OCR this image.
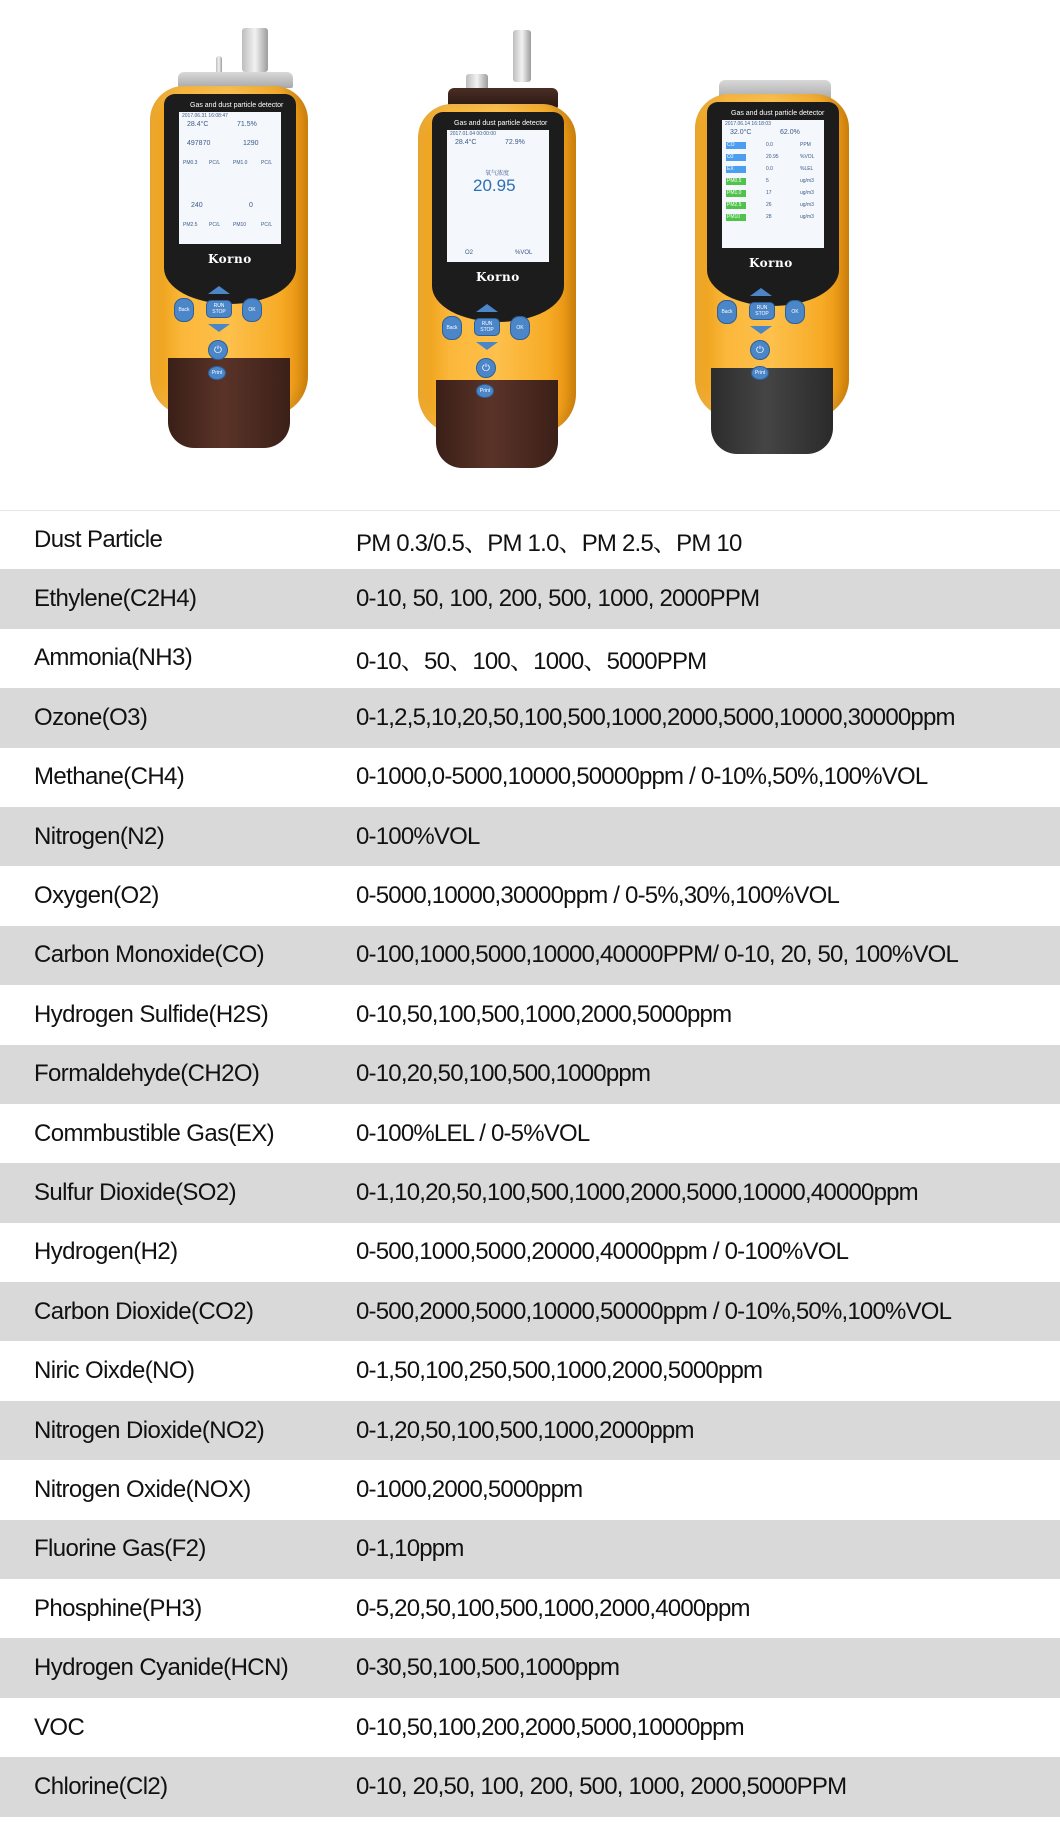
Gas and dust particle detector
2017.06.31 16:08:47
28.4°C	71.5%
497870	1290
PM0.3 PC/L	PM1.0	PC/L
240	0
PM2.5 PC/L	PM10	PC/L
Korno
Back
RUN STOP	OK
⏻
Print
Gas and dust particle detector
2017.01.04 00:00:00
28.4°C	72.9%
氧气浓度
20.95
O2	%VOL
Korno
Back
RUN STOP	OK
⏻
Print
Gas and dust particle detector
2017.06.14 16:18:03
32.0°C	62.0%
CO	0.0	PPM
O2	20.95	%VOL
EX	0.0	%LEL
PM0.5	5	ug/m3
PM1.0	17	ug/m3
PM2.5	26	ug/m3
PM10	28	ug/m3
Korno
Back
RUN STOP	OK
⏻
Print
Dust Particle	PM 0.3/0.5、PM 1.0、PM 2.5、PM 10
Ethylene(C2H4)	0-10, 50, 100, 200, 500, 1000, 2000PPM
Ammonia(NH3)	0-10、50、100、1000、5000PPM
Ozone(O3)	0-1,2,5,10,20,50,100,500,1000,2000,5000,10000,30000ppm
Methane(CH4)	0-1000,0-5000,10000,50000ppm / 0-10%,50%,100%VOL
Nitrogen(N2)	0-100%VOL
Oxygen(O2)	0-5000,10000,30000ppm / 0-5%,30%,100%VOL
Carbon Monoxide(CO)	0-100,1000,5000,10000,40000PPM/ 0-10, 20, 50, 100%VOL
Hydrogen Sulfide(H2S)	0-10,50,100,500,1000,2000,5000ppm
Formaldehyde(CH2O)	0-10,20,50,100,500,1000ppm
Commbustible Gas(EX)	0-100%LEL / 0-5%VOL
Sulfur Dioxide(SO2)	0-1,10,20,50,100,500,1000,2000,5000,10000,40000ppm
Hydrogen(H2)	0-500,1000,5000,20000,40000ppm / 0-100%VOL
Carbon Dioxide(CO2)	0-500,2000,5000,10000,50000ppm / 0-10%,50%,100%VOL
Niric Oixde(NO)	0-1,50,100,250,500,1000,2000,5000ppm
Nitrogen Dioxide(NO2)	0-1,20,50,100,500,1000,2000ppm
Nitrogen Oxide(NOX)	0-1000,2000,5000ppm
Fluorine Gas(F2)	0-1,10ppm
Phosphine(PH3)	0-5,20,50,100,500,1000,2000,4000ppm
Hydrogen Cyanide(HCN)	0-30,50,100,500,1000ppm
VOC	0-10,50,100,200,2000,5000,10000ppm
Chlorine(Cl2)	0-10, 20,50, 100, 200, 500, 1000, 2000,5000PPM
